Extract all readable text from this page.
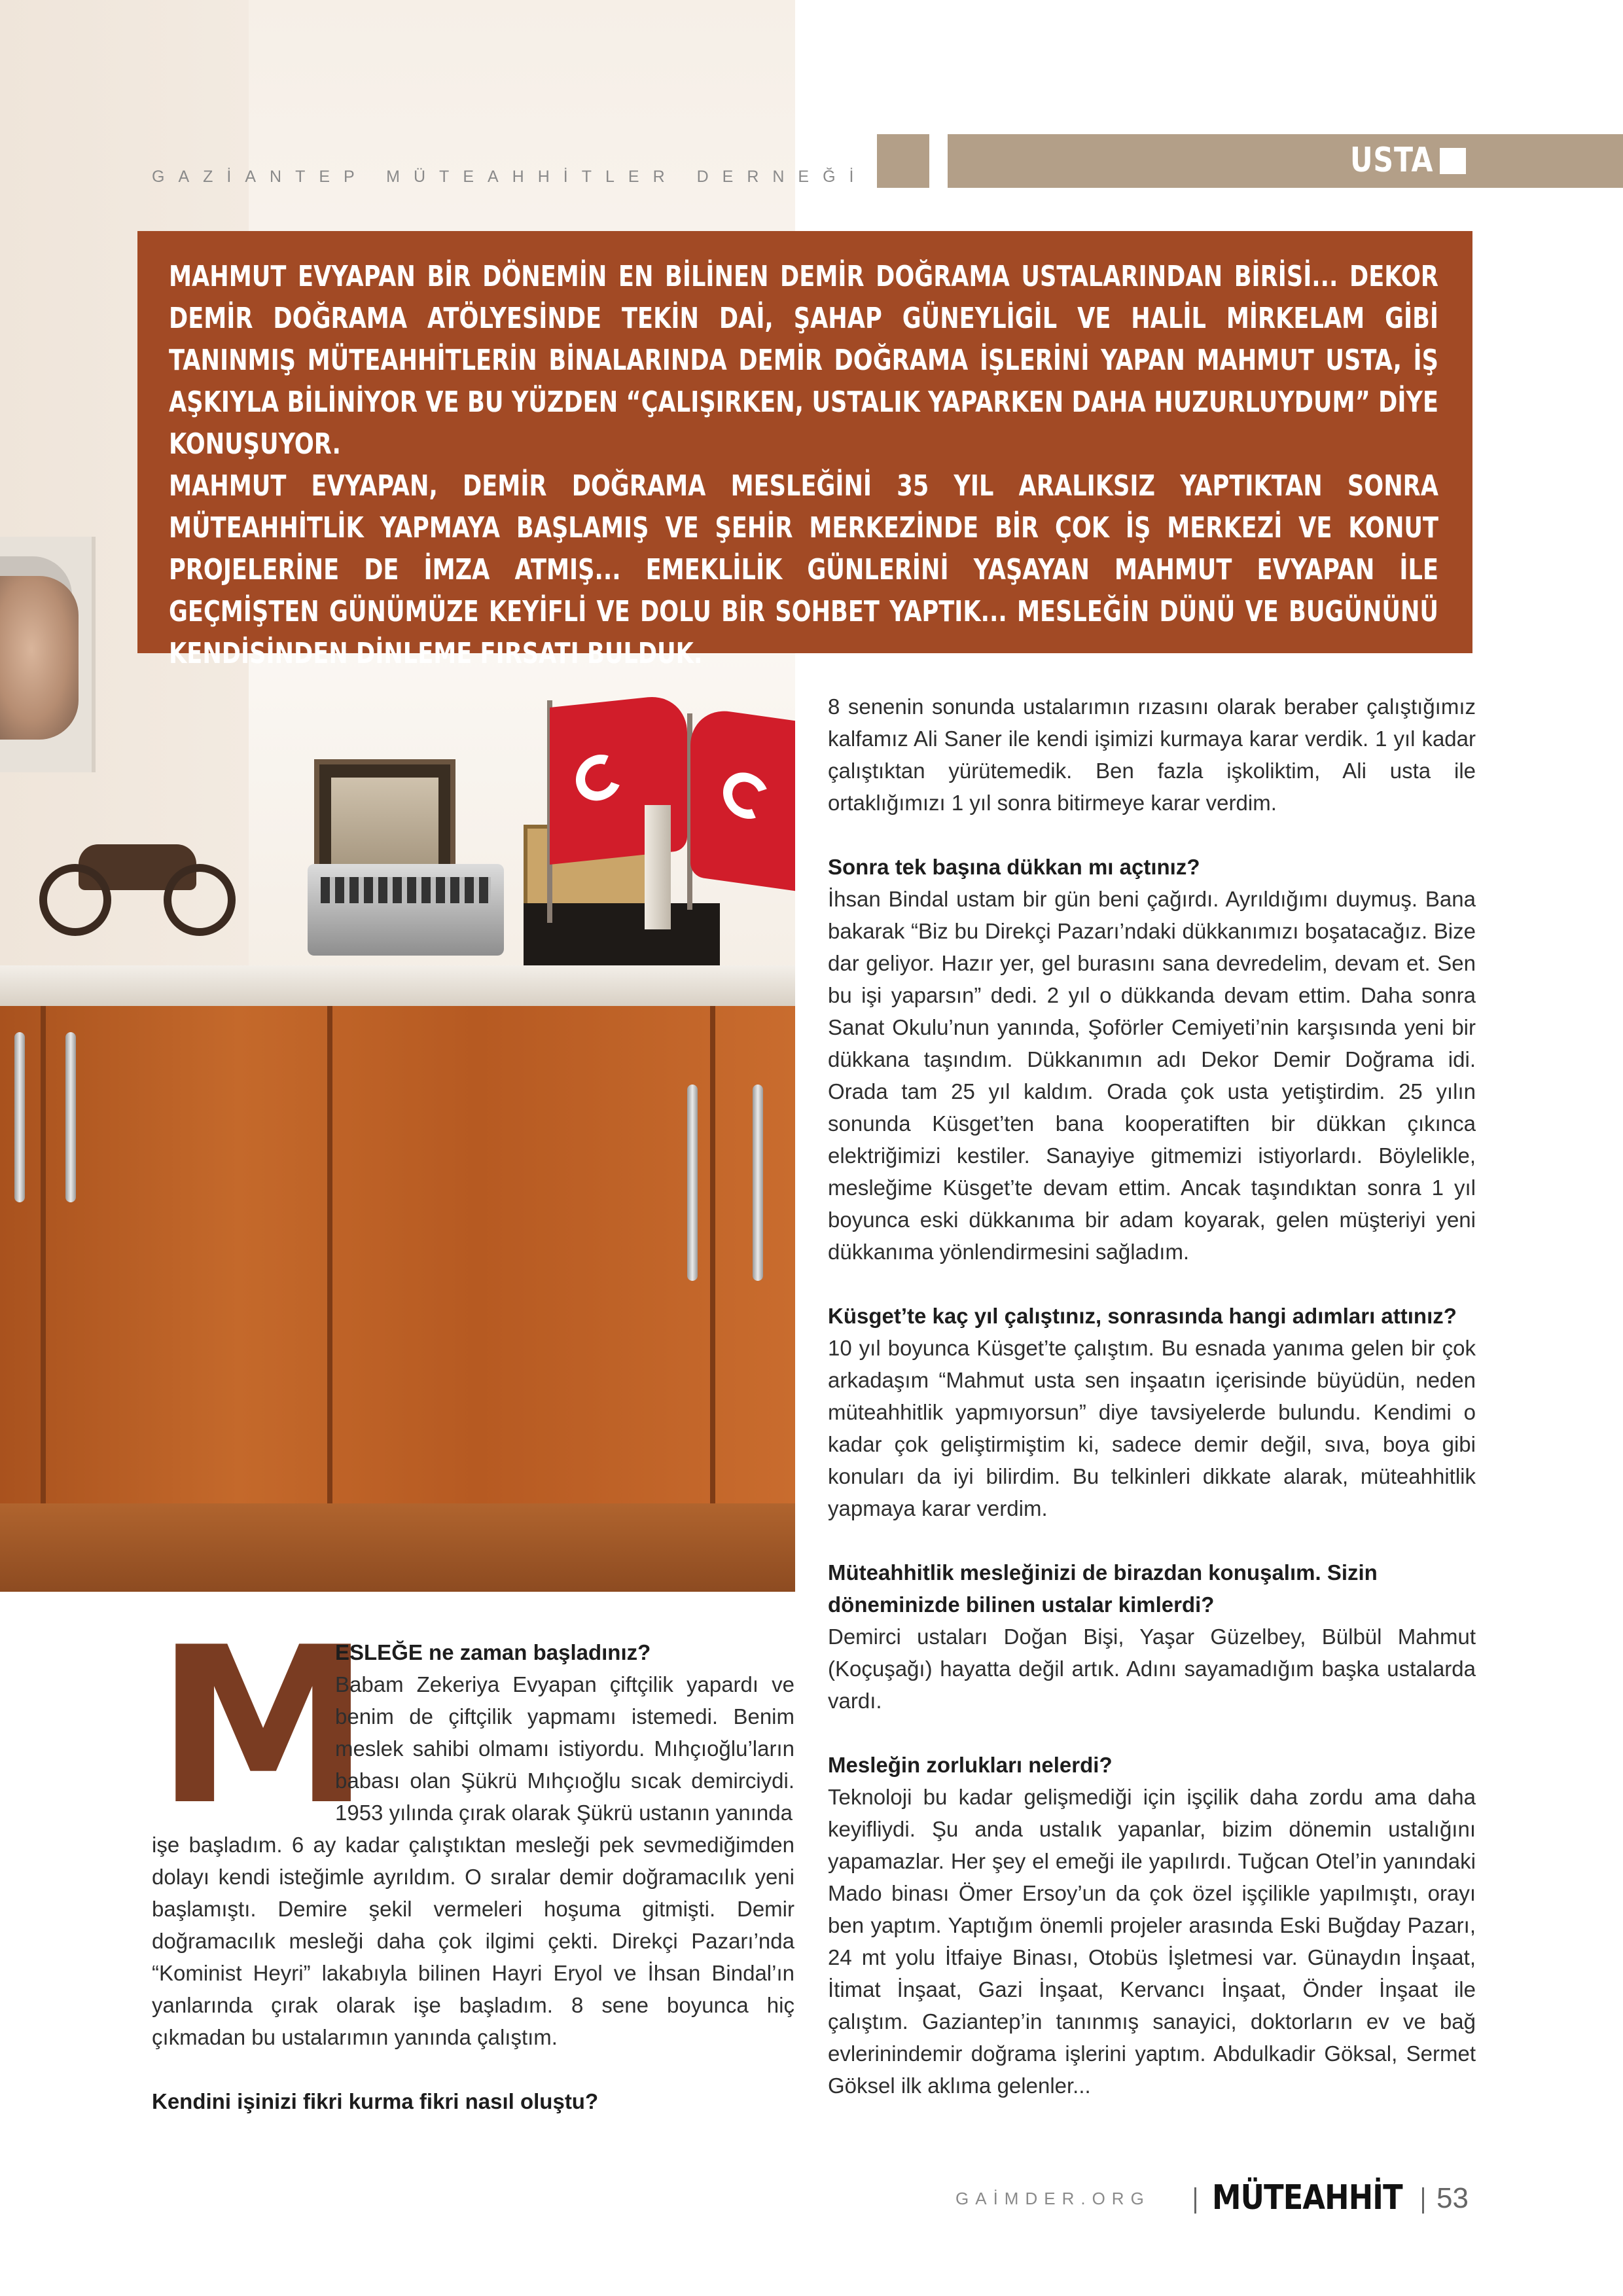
GAZİANTEP MÜTEAHHİTLER DERNEĞİ	USTA

MAHMUT EVYAPAN BİR DÖNEMİN EN BİLİNEN DEMİR DOĞRAMA USTALARINDAN BİRİSİ... DEKOR DEMİR DOĞRAMA ATÖLYESİNDE TEKİN DAİ, ŞAHAP GÜNEYLİGİL VE HALİL MİRKELAM GİBİ TANINMIŞ MÜTEAHHİTLERİN BİNALARINDA DEMİR DOĞRAMA İŞLERİNİ YAPAN MAHMUT USTA, İŞ AŞKIYLA BİLİNİYOR VE BU YÜZDEN “ÇALIŞIRKEN, USTALIK YAPARKEN DAHA HUZURLUYDUM” DİYE KONUŞUYOR.

MAHMUT EVYAPAN, DEMİR DOĞRAMA MESLEĞİNİ 35 YIL ARALIKSIZ YAPTIKTAN SONRA MÜTEAHHİTLİK YAPMAYA BAŞLAMIŞ VE ŞEHİR MERKEZİNDE BİR ÇOK İŞ MERKEZİ VE KONUT PROJELERİNE DE İMZA ATMIŞ... EMEKLİLİK GÜNLERİNİ YAŞAYAN MAHMUT EVYAPAN İLE GEÇMİŞTEN GÜNÜMÜZE KEYİFLİ VE DOLU BİR SOHBET YAPTIK... MESLEĞİN DÜNÜ VE BUGÜNÜNÜ KENDİSİNDEN DİNLEME FIRSATI BULDUK.

M
ESLEĞE ne zaman başladınız?

Babam Zekeriya Evyapan çiftçilik yapardı ve benim de çiftçilik yapmamı istemedi. Benim meslek sahibi olmamı istiyordu. Mıhçıoğlu’ların babası olan Şükrü Mıhçıoğlu sıcak demirciydi. 1953 yılında çırak olarak Şükrü ustanın yanında

işe başladım. 6 ay kadar çalıştıktan mesleği pek sevmediğimden dolayı kendi isteğimle ayrıldım. O sıralar demir doğramacılık yeni başlamıştı. Demire şekil vermeleri hoşuma gitmişti. Demir doğramacılık mesleği daha çok ilgimi çekti. Direkçi Pazarı’nda “Kominist Heyri” lakabıyla bilinen Hayri Eryol ve İhsan Bindal’ın yanlarında çırak olarak işe başladım. 8 sene boyunca hiç çıkmadan bu ustalarımın yanında çalıştım.

Kendini işinizi fikri kurma fikri nasıl oluştu?

8 senenin sonunda ustalarımın rızasını olarak beraber çalıştığımız kalfamız Ali Saner ile kendi işimizi kurmaya karar verdik. 1 yıl kadar çalıştıktan yürütemedik. Ben fazla işkoliktim, Ali usta ile ortaklığımızı 1 yıl sonra bitirmeye karar verdim.

Sonra tek başına dükkan mı açtınız?

İhsan Bindal ustam bir gün beni çağırdı. Ayrıldığımı duymuş. Bana bakarak “Biz bu Direkçi Pazarı’ndaki dükkanımızı boşatacağız. Bize dar geliyor. Hazır yer, gel burasını sana devredelim, devam et. Sen bu işi yaparsın” dedi. 2 yıl o dükkanda devam ettim. Daha sonra Sanat Okulu’nun yanında, Şoförler Cemiyeti’nin karşısında yeni bir dükkana taşındım. Dükkanımın adı Dekor Demir Doğrama idi. Orada tam 25 yıl kaldım. Orada çok usta yetiştirdim. 25 yılın sonunda Küsget’ten bana kooperatiften bir dükkan çıkınca elektriğimizi kestiler. Sanayiye gitmemizi istiyorlardı. Böylelikle, mesleğime Küsget’te devam ettim. Ancak taşındıktan sonra 1 yıl boyunca eski dükkanıma bir adam koyarak, gelen müşteriyi yeni dükkanıma yönlendirmesini sağladım.

Küsget’te kaç yıl çalıştınız, sonrasında hangi adımları attınız?

10 yıl boyunca Küsget’te çalıştım. Bu esnada yanıma gelen bir çok arkadaşım “Mahmut usta sen inşaatın içerisinde büyüdün, neden müteahhitlik yapmıyorsun” diye tavsiyelerde bulundu. Kendimi o kadar çok geliştirmiştim ki, sadece demir değil, sıva, boya gibi konuları da iyi bilirdim. Bu telkinleri dikkate alarak, müteahhitlik yapmaya karar verdim.

Müteahhitlik mesleğinizi de birazdan konuşalım. Sizin döneminizde bilinen ustalar kimlerdi?

Demirci ustaları Doğan Bişi, Yaşar Güzelbey, Bülbül Mahmut (Koçuşağı) hayatta değil artık. Adını sayamadığım başka ustalarda vardı.

Mesleğin zorlukları nelerdi?

Teknoloji bu kadar gelişmediği için işçilik daha zordu ama daha keyifliydi. Şu anda ustalık yapanlar, bizim dönemin ustalığını yapamazlar. Her şey el emeği ile yapılırdı. Tuğcan Otel’in yanındaki Mado binası Ömer Ersoy’un da çok özel işçilikle yapılmıştı, orayı ben yaptım. Yaptığım önemli projeler arasında Eski Buğday Pazarı, 24 mt yolu İtfaiye Binası, Otobüs İşletmesi var. Günaydın İnşaat, İtimat İnşaat, Gazi İnşaat, Kervancı İnşaat, Önder İnşaat ile çalıştım. Gaziantep’in tanınmış sanayici, doktorların ev ve bağ evlerinindemir doğrama işlerini yaptım. Abdulkadir Göksal, Sermet Göksel ilk aklıma gelenler...

GAİMDER.ORG MÜTEAHHİT 53
